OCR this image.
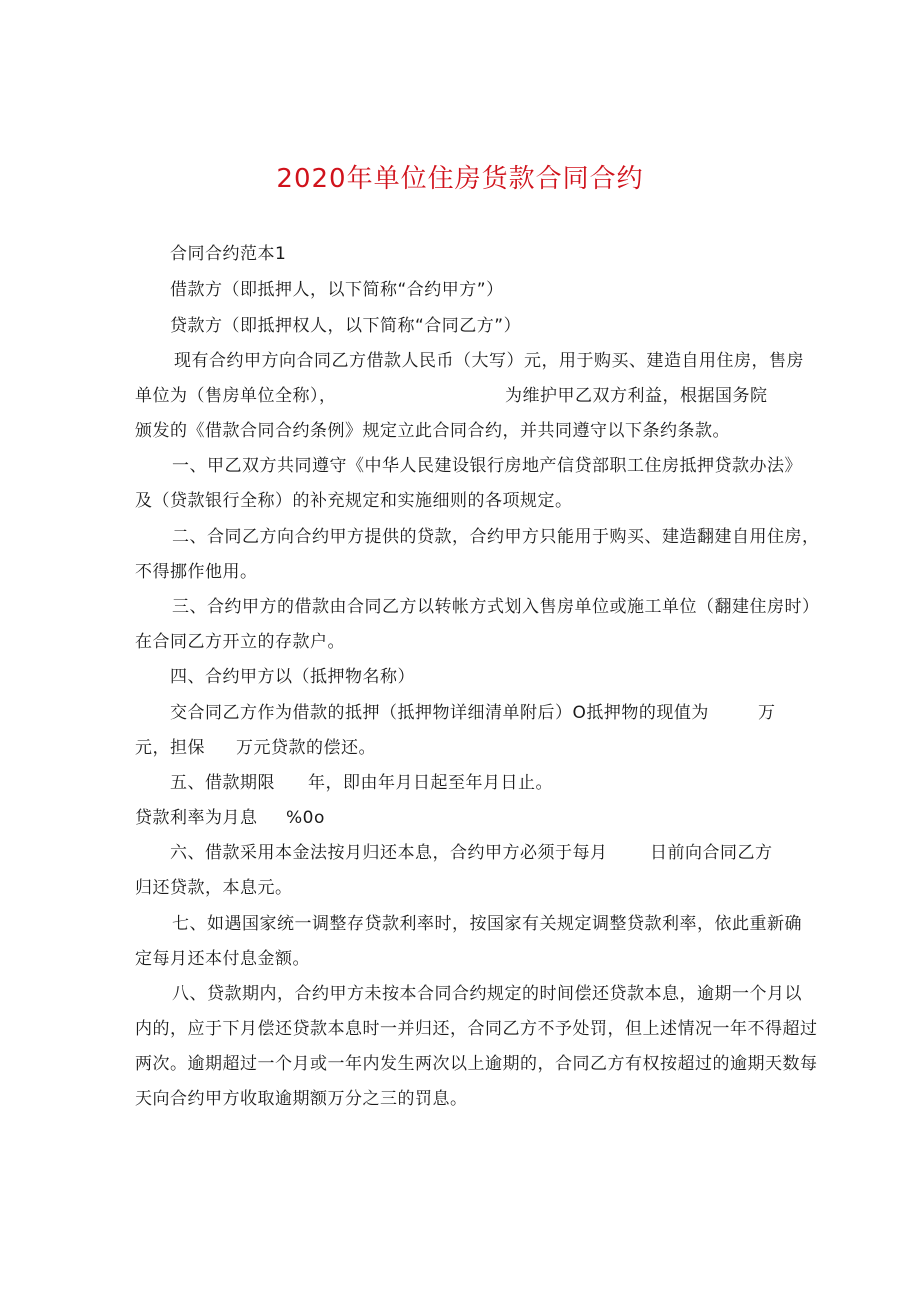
2020年单位住房货款合同合约
合同合约范本1
借款方（即抵押人，以下简称“合约甲方”）
贷款方（即抵押权人，以下简称“合同乙方”）
现有合约甲方向合同乙方借款人民币（大写）元，用于购买、建造自用住房，售房
单位为（售房单位全称），	为维护甲乙双方利益，根据国务院
颁发的《借款合同合约条例》规定立此合同合约，并共同遵守以下条约条款。
一、甲乙双方共同遵守《中华人民建设银行房地产信贷部职工住房抵押贷款办法》
及（贷款银行全称）的补充规定和实施细则的各项规定。
二、合同乙方向合约甲方提供的贷款，合约甲方只能用于购买、建造翻建自用住房，
不得挪作他用。
三、合约甲方的借款由合同乙方以转帐方式划入售房单位或施工单位（翻建住房时）
在合同乙方开立的存款户。
四、合约甲方以（抵押物名称）
交合同乙方作为借款的抵押（抵押物详细清单附后）O抵押物的现值为	万
元，担保 万元贷款的偿还。
五、借款期限 年，即由年月日起至年月日止。
贷款利率为月息 %0o
六、借款采用本金法按月归还本息，合约甲方必须于每月	日前向合同乙方
归还贷款，本息元。
七、如遇国家统一调整存贷款利率时，按国家有关规定调整贷款利率，依此重新确
定每月还本付息金额。
八、贷款期内，合约甲方未按本合同合约规定的时间偿还贷款本息，逾期一个月以
内的，应于下月偿还贷款本息时一并归还，合同乙方不予处罚，但上述情况一年不得超过
两次。逾期超过一个月或一年内发生两次以上逾期的，合同乙方有权按超过的逾期天数每
天向合约甲方收取逾期额万分之三的罚息。
